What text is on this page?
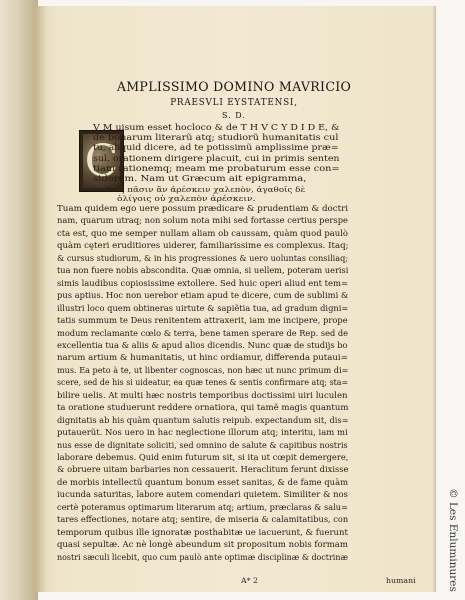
AMPLISSIMO DOMINO MAVRICIO
PRAESVLI EYSTATENSI,
S. D.
C
V M uisum esset hocloco & de T H V C Y D I D E, &
de bonarum literarũ atq; studiorũ humanitatis cul
tu, aliquid dicere, ad te potissimũ amplissime præ=
sul, orationem dirigere placuit, cui in primis senten
tiam rationemq; meam me probaturum esse con=
siderem. Nam ut Græcum ait epigramma,
Τοῖς πᾶσιν ἂν ἀρέσκειν χαλεπὸν, ἀγαθοῖς δὲ
ὀλίγοις οὐ χαλεπὸν ἀρέσκειν.
Tuam quidem ego uere possum prædicare & prudentiam & doctri
nam, quarum utraq; non solum nota mihi sed fortasse certius perspe
cta est, quo me semper nullam aliam ob caussam, quàm quod paulò
quàm cęteri eruditiores uiderer, familiarissime es complexus. Itaq;
& cursus studiorum, & in his progressiones & uero uoluntas consiliaq;
tua non fuere nobis abscondita. Quæ omnia, si uellem, poteram uerisi
simis laudibus copiosissime extollere. Sed huic operi aliud ent tem=
pus aptius. Hoc non uerebor etiam apud te dicere, cum de sublimi &
illustri loco quem obtineras uirtute & sapiẽtia tua, ad gradum digni=
tatis summum te Deus renitentem attraxerit, iam me incipere, prope
modum reclamante cœlo & terra, bene tamen sperare de Rep. sed de
excellentia tua & aliis & apud alios dicendis. Nunc quæ de studijs bo
narum artium & humanitatis, ut hinc ordiamur, differenda putaui=
mus. Ea peto à te, ut libenter cognoscas, non hæc ut nunc primum di=
scere, sed de his si uideatur, ea quæ tenes & sentis confirmare atq; sta=
bilire uelis. At multi hæc nostris temporibus doctissimi uiri luculen
ta oratione studuerunt reddere ornatiora, qui tamẽ magis quantum
dignitatis ab his quàm quantum salutis reipub. expectandum sit, dis=
putauerũt. Nos uero in hac neglectione illorum atq; interitu, iam mi
nus esse de dignitate soliciti, sed omnino de salute & capitibus nostris
laborare debemus. Quid enim futurum sit, si ita ut cœpit demergere,
& obruere uitam barbaries non cessauerit. Heraclitum ferunt dixisse
de morbis intellectũ quantum bonum esset sanitas, & de fame quàm
iucunda saturitas, labore autem comendari quietem. Similiter & nos
certè poteramus optimarum literarum atq; artium, præclaras & salu=
tares effectiones, notare atq; sentire, de miseria & calamitatibus, con
temporum quibus ille ignoratæ posthabitæ ue iacuerunt, & fuerunt
quasi sepultæ. Ac nè longè abeundum sit propositum nobis formam
nostri sæculi licebit, quo cum paulò ante optimæ disciplinæ & doctrinæ
A* 2	humani	© Les Enluminures
